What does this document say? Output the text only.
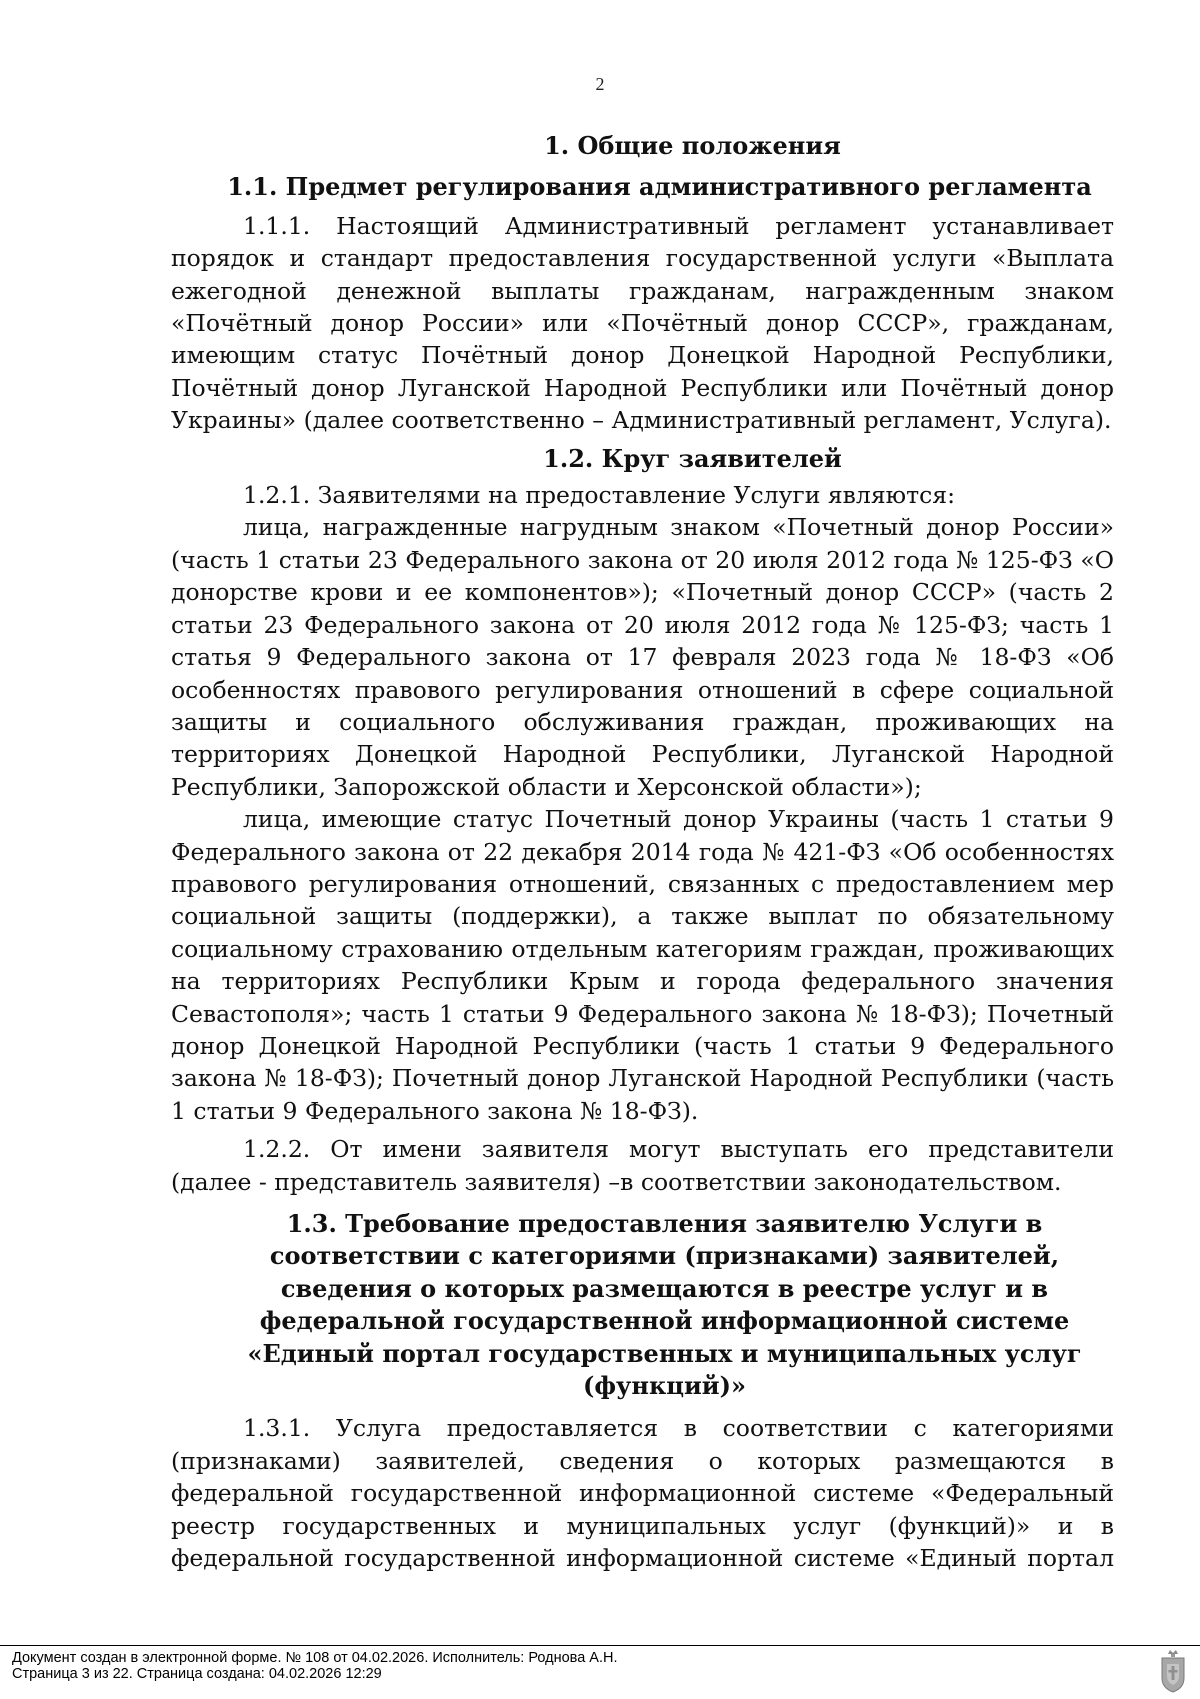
2
1. Общие положения
1.1. Предмет регулирования административного регламента

1.1.1. Настоящий Административный регламент устанавливает порядок и стандарт предоставления государственной услуги «Выплата ежегодной денежной выплаты гражданам, награжденным знаком «Почётный донор России» или «Почётный донор СССР», гражданам, имеющим статус Почётный донор Донецкой Народной Республики, Почётный донор Луганской Народной Республики или Почётный донор Украины» (далее соответственно – Административный регламент, Услуга).

1.2. Круг заявителей

1.2.1. Заявителями на предоставление Услуги являются:

лица, награжденные нагрудным знаком «Почетный донор России» (часть 1 статьи 23 Федерального закона от 20 июля 2012 года № 125-ФЗ «О донорстве крови и ее компонентов»); «Почетный донор СССР» (часть 2 статьи 23 Федерального закона от 20 июля 2012 года № 125-ФЗ; часть 1 статья 9 Федерального закона от 17 февраля 2023 года № 18-ФЗ «Об особенностях правового регулирования отношений в сфере социальной защиты и социального обслуживания граждан, проживающих на территориях Донецкой Народной Республики, Луганской Народной Республики, Запорожской области и Херсонской области»);

лица, имеющие статус Почетный донор Украины (часть 1 статьи 9 Федерального закона от 22 декабря 2014 года № 421-ФЗ «Об особенностях правового регулирования отношений, связанных с предоставлением мер социальной защиты (поддержки), а также выплат по обязательному социальному страхованию отдельным категориям граждан, проживающих на территориях Республики Крым и города федерального значения Севастополя»; часть 1 статьи 9 Федерального закона № 18-ФЗ); Почетный донор Донецкой Народной Республики (часть 1 статьи 9 Федерального закона № 18-ФЗ); Почетный донор Луганской Народной Республики (часть 1 статьи 9 Федерального закона № 18-ФЗ).

1.2.2. От имени заявителя могут выступать его представители (далее - представитель заявителя) –в соответствии законодательством.

1.3. Требование предоставления заявителю Услуги в соответствии с категориями (признаками) заявителей, сведения о которых размещаются в реестре услуг и в федеральной государственной информационной системе «Единый портал государственных и муниципальных услуг (функций)»

1.3.1. Услуга предоставляется в соответствии с категориями (признаками) заявителей, сведения о которых размещаются в федеральной государственной информационной системе «Федеральный реестр государственных и муниципальных услуг (функций)» и в федеральной государственной информационной системе «Единый портал

Документ создан в электронной форме. № 108 от 04.02.2026. Исполнитель: Роднова А.Н.
Страница 3 из 22. Страница создана: 04.02.2026 12:29
